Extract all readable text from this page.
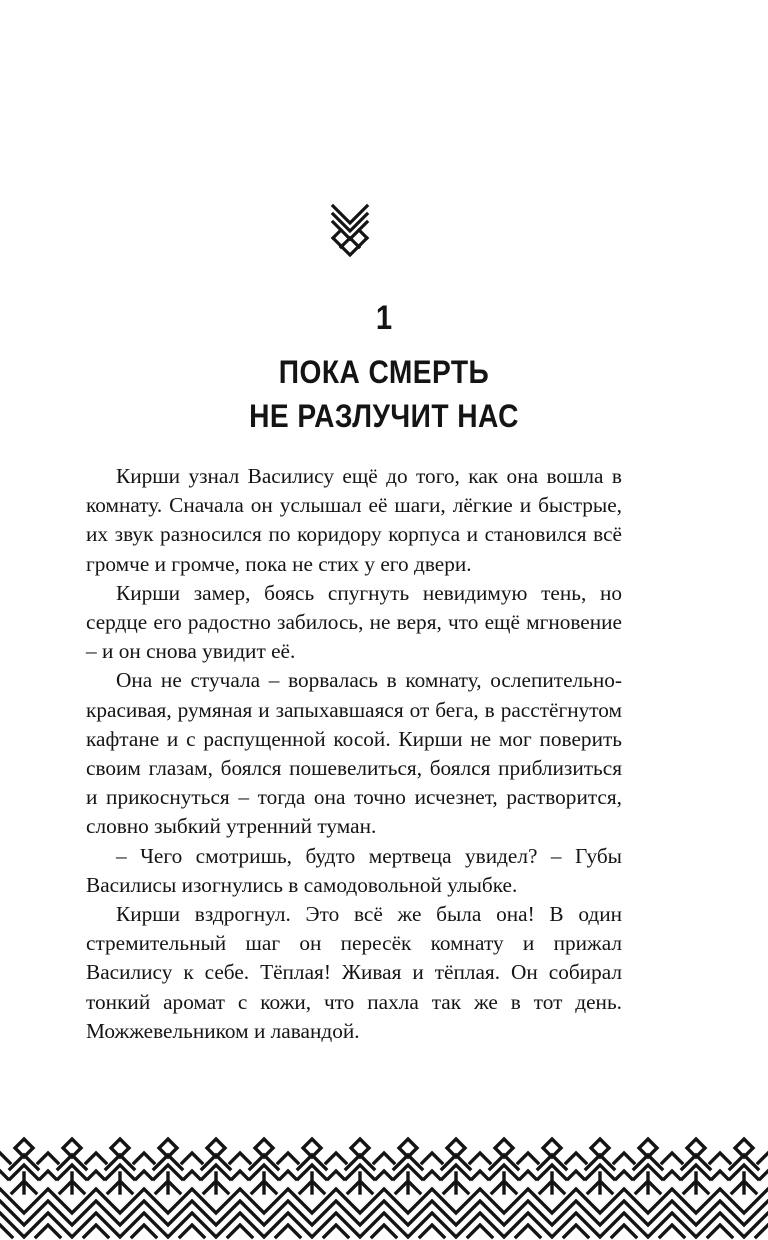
1
ПОКА СМЕРТЬ
НЕ РАЗЛУЧИТ НАС

Кирши узнал Василису ещё до того, как она вошла в комнату. Сначала он услышал её шаги, лёгкие и быстрые, их звук разносился по коридору корпуса и становился всё громче и громче, пока не стих у его двери.

Кирши замер, боясь спугнуть невидимую тень, но сердце его радостно забилось, не веря, что ещё мгновение – и он снова увидит её.

Она не стучала – ворвалась в комнату, ослепительно-красивая, румяная и запыхавшаяся от бега, в расстёгнутом кафтане и с распущенной косой. Кирши не мог поверить своим глазам, боялся пошевелиться, боялся приблизиться и прикоснуться – тогда она точно исчезнет, растворится, словно зыбкий утренний туман.

– Чего смотришь, будто мертвеца увидел? – Губы Василисы изогнулись в самодовольной улыбке.

Кирши вздрогнул. Это всё же была она! В один стремительный шаг он пересёк комнату и прижал Василису к себе. Тёплая! Живая и тёплая. Он собирал тонкий аромат с кожи, что пахла так же в тот день. Можжевельником и лавандой.
